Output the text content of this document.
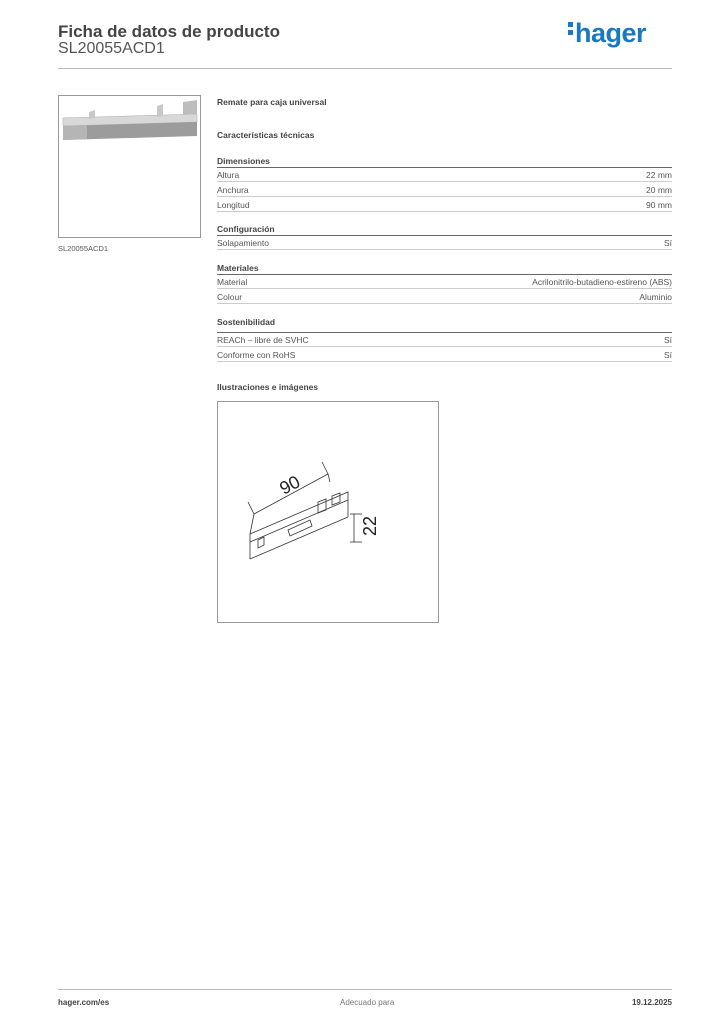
Ficha de datos de producto
SL20055ACD1
hager
SL20055ACD1
Remate para caja universal
Características técnicas
Dimensiones
Altura	22 mm
Anchura	20 mm
Longitud	90 mm
Configuración
Solapamiento	Sí
Materiales
Material	Acrilonitrilo-butadieno-estireno (ABS)
Colour	Aluminio
Sostenibilidad
REACh – libre de SVHC	Sí
Conforme con RoHS	Sí
Ilustraciones e imágenes
90
22
hager.com/es	Adecuado para	19.12.2025
